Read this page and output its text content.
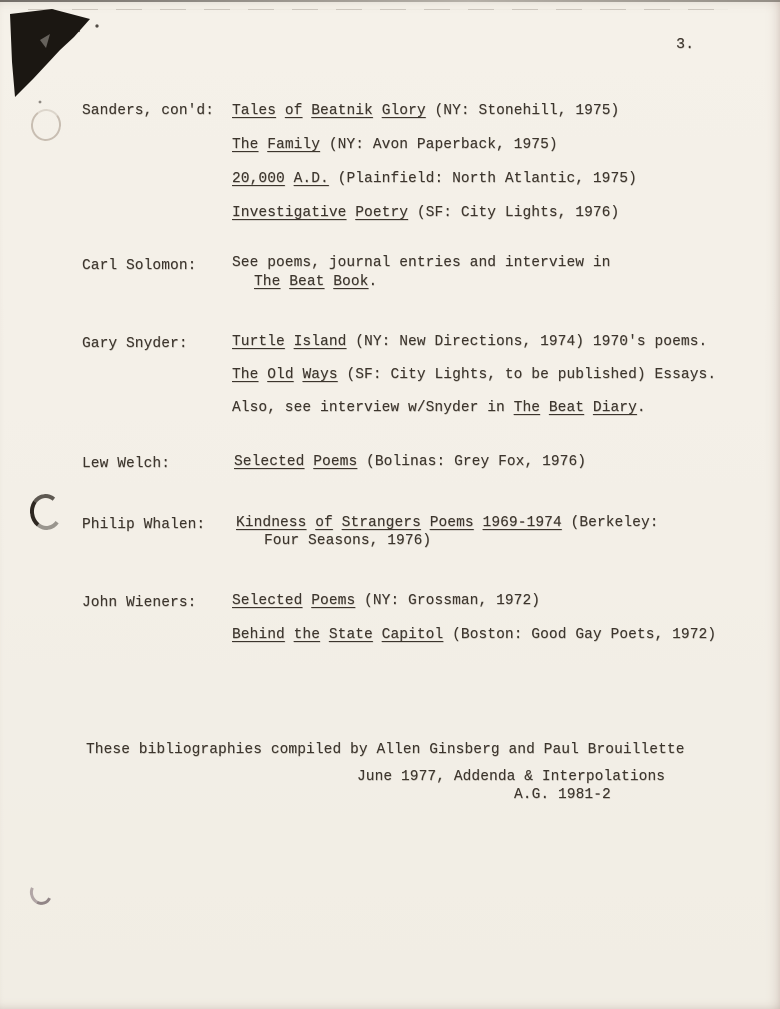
3.
Sanders, con'd: Tales of Beatnik Glory (NY: Stonehill, 1975)
The Family (NY: Avon Paperback, 1975)
20,000 A.D. (Plainfield: North Atlantic, 1975)
Investigative Poetry (SF: City Lights, 1976)
Carl Solomon: See poems, journal entries and interview in
The Beat Book.
Gary Snyder:	Turtle Island (NY: New Directions, 1974) 1970's poems.
The Old Ways (SF: City Lights, to be published) Essays.
Also, see interview w/Snyder in The Beat Diary.
Lew Welch:	Selected Poems (Bolinas: Grey Fox, 1976)
Philip Whalen: Kindness of Strangers Poems 1969-1974 (Berkeley:
Four Seasons, 1976)
John Wieners: Selected Poems (NY: Grossman, 1972)
Behind the State Capitol (Boston: Good Gay Poets, 1972)
These bibliographies compiled by Allen Ginsberg and Paul Brouillette
June 1977, Addenda & Interpolations
A.G. 1981-2
